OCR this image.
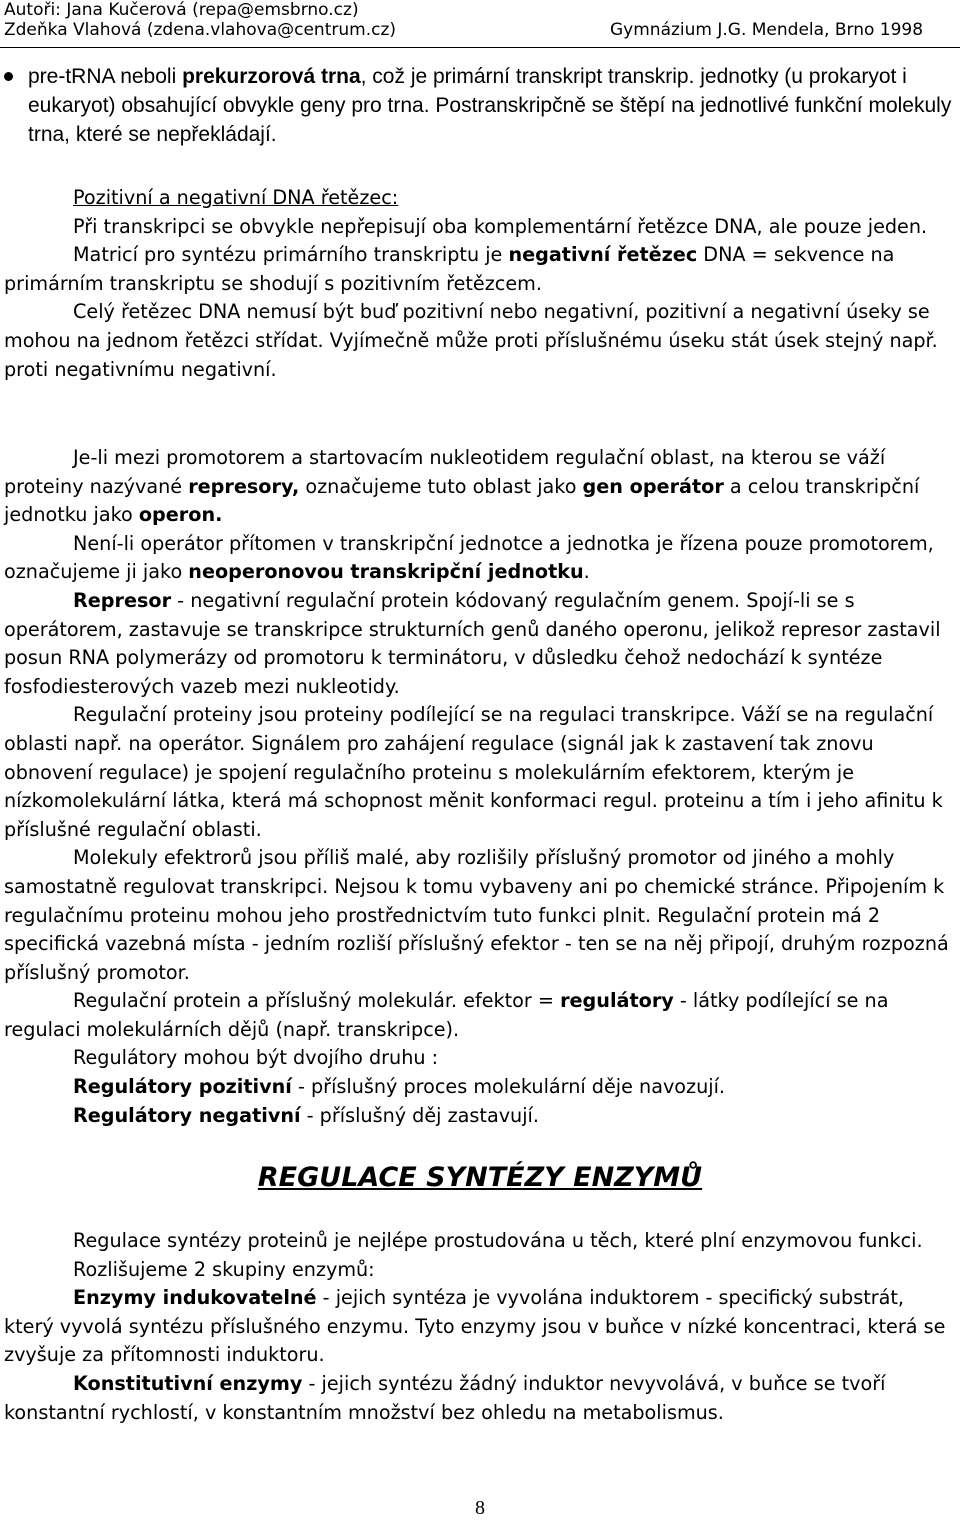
Autoři: Jana Kučerová (repa@emsbrno.cz)
Zdeňka Vlahová (zdena.vlahova@centrum.cz)	Gymnázium J.G. Mendela, Brno 1998
pre-tRNA neboli prekurzorová trna, což je primární transkript transkrip. jednotky (u prokaryot i eukaryot) obsahující obvykle geny pro trna. Postranskripčně se štěpí na jednotlivé funkční molekuly trna, které se nepřekládají.

Pozitivní a negativní DNA řetězec:

Při transkripci se obvykle nepřepisují oba komplementární řetězce DNA, ale pouze jeden.

Matricí pro syntézu primárního transkriptu je negativní řetězec DNA = sekvence na primárním transkriptu se shodují s pozitivním řetězcem.

Celý řetězec DNA nemusí být buď pozitivní nebo negativní, pozitivní a negativní úseky se mohou na jednom řetězci střídat. Vyjímečně může proti příslušnému úseku stát úsek stejný např. proti negativnímu negativní.

Je-li mezi promotorem a startovacím nukleotidem regulační oblast, na kterou se váží proteiny nazývané represory, označujeme tuto oblast jako gen operátor a celou transkripční jednotku jako operon.

Není-li operátor přítomen v transkripční jednotce a jednotka je řízena pouze promotorem, označujeme ji jako neoperonovou transkripční jednotku.

Represor - negativní regulační protein kódovaný regulačním genem. Spojí-li se s operátorem, zastavuje se transkripce strukturních genů daného operonu, jelikož represor zastavil posun RNA polymerázy od promotoru k terminátoru, v důsledku čehož nedochází k syntéze fosfodiesterových vazeb mezi nukleotidy.

Regulační proteiny jsou proteiny podílející se na regulaci transkripce. Váží se na regulační oblasti např. na operátor. Signálem pro zahájení regulace (signál jak k zastavení tak znovu obnovení regulace) je spojení regulačního proteinu s molekulárním efektorem, kterým je nízkomolekulární látka, která má schopnost měnit konformaci regul. proteinu a tím i jeho afinitu k příslušné regulační oblasti.

Molekuly efektrorů jsou příliš malé, aby rozlišily příslušný promotor od jiného a mohly samostatně regulovat transkripci. Nejsou k tomu vybaveny ani po chemické stránce. Připojením k regulačnímu proteinu mohou jeho prostřednictvím tuto funkci plnit. Regulační protein má 2 specifická vazebná místa - jedním rozliší příslušný efektor - ten se na něj připojí, druhým rozpozná příslušný promotor.

Regulační protein a příslušný molekulár. efektor = regulátory - látky podílející se na regulaci molekulárních dějů (např. transkripce).

Regulátory mohou být dvojího druhu :

Regulátory pozitivní - příslušný proces molekulární děje navozují.

Regulátory negativní - příslušný děj zastavují.

REGULACE SYNTÉZY ENZYMŮ

Regulace syntézy proteinů je nejlépe prostudována u těch, které plní enzymovou funkci.

Rozlišujeme 2 skupiny enzymů:

Enzymy indukovatelné - jejich syntéza je vyvolána induktorem - specifický substrát, který vyvolá syntézu příslušného enzymu. Tyto enzymy jsou v buňce v nízké koncentraci, která se zvyšuje za přítomnosti induktoru.

Konstitutivní enzymy - jejich syntézu žádný induktor nevyvolává, v buňce se tvoří konstantní rychlostí, v konstantním množství bez ohledu na metabolismus.

8
